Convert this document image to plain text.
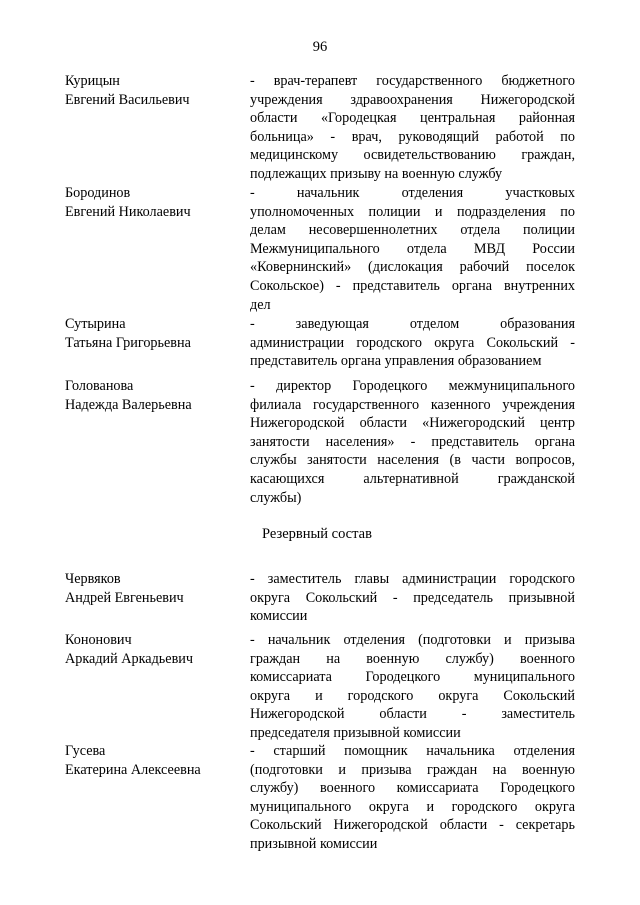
96
Курицын
Евгений Васильевич
- врач-терапевт государственного бюджетного
учреждения здравоохранения Нижегородской
области «Городецкая центральная районная
больница» - врач, руководящий работой по
медицинскому освидетельствованию граждан,
подлежащих призыву на военную службу
Бородинов
Евгений Николаевич
- начальник отделения участковых
уполномоченных полиции и подразделения по
делам несовершеннолетних отдела полиции
Межмуниципального отдела МВД России
«Ковернинский» (дислокация рабочий поселок
Сокольское) - представитель органа внутренних
дел
Сутырина
Татьяна Григорьевна
- заведующая отделом образования
администрации городского округа Сокольский -
представитель органа управления образованием
Голованова
Надежда Валерьевна
- директор Городецкого межмуниципального
филиала государственного казенного учреждения
Нижегородской области «Нижегородский центр
занятости населения» - представитель органа
службы занятости населения (в части вопросов,
касающихся альтернативной гражданской
службы)
Резервный состав
Червяков
Андрей Евгеньевич
- заместитель главы администрации городского
округа Сокольский - председатель призывной
комиссии
Кононович
Аркадий Аркадьевич
- начальник отделения (подготовки и призыва
граждан на военную службу) военного
комиссариата Городецкого муниципального
округа и городского округа Сокольский
Нижегородской области - заместитель
председателя призывной комиссии
Гусева
Екатерина Алексеевна
- старший помощник начальника отделения
(подготовки и призыва граждан на военную
службу) военного комиссариата Городецкого
муниципального округа и городского округа
Сокольский Нижегородской области - секретарь
призывной комиссии
